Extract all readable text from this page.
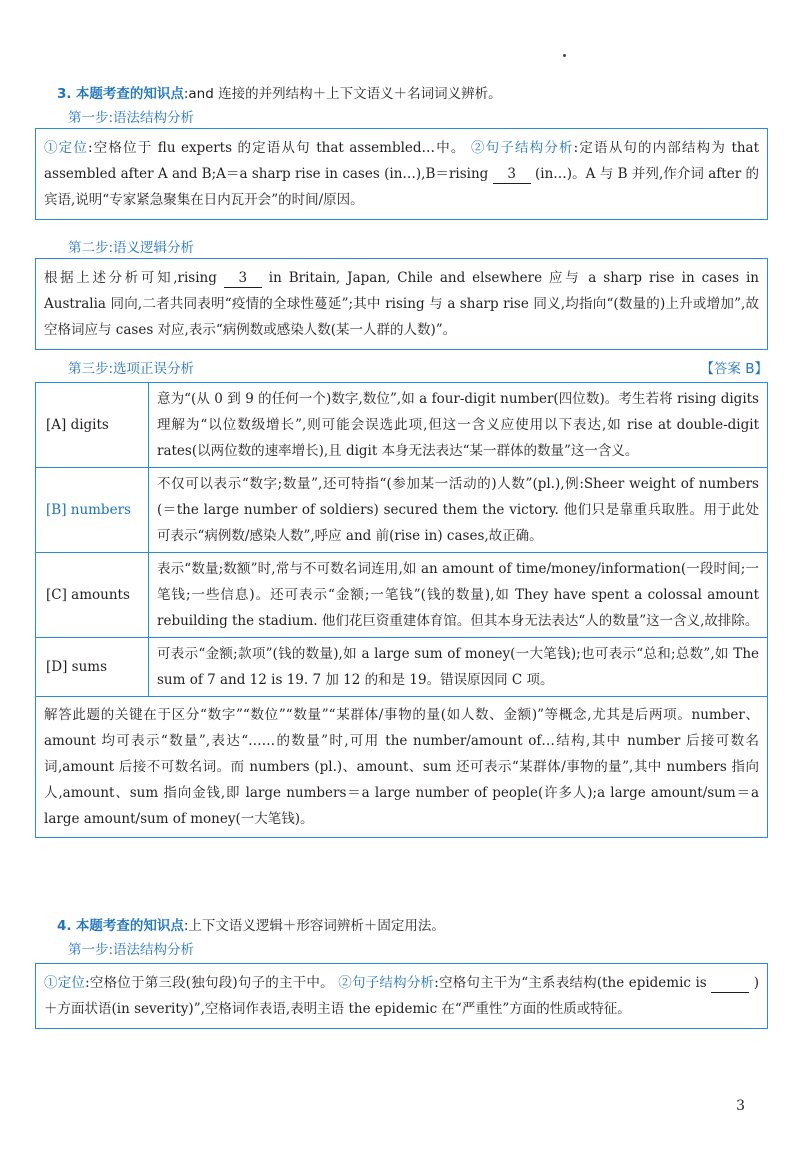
3. 本题考查的知识点:and 连接的并列结构＋上下文语义＋名词词义辨析。
第一步:语法结构分析
①定位:空格位于 flu experts 的定语从句 that assembled…中。 ②句子结构分析:定语从句的内部结构为 that assembled after A and B;A＝a sharp rise in cases (in…),B＝rising 3 (in…)。A 与 B 并列,作介词 after 的宾语,说明“专家紧急聚集在日内瓦开会”的时间/原因。
第二步:语义逻辑分析
根据上述分析可知,rising 3 in Britain, Japan, Chile and elsewhere 应与 a sharp rise in cases in Australia 同向,二者共同表明“疫情的全球性蔓延”;其中 rising 与 a sharp rise 同义,均指向“(数量的)上升或增加”,故空格词应与 cases 对应,表示“病例数或感染人数(某一人群的人数)”。
第三步:选项正误分析	【答案 B】
[A] digits	意为“(从 0 到 9 的任何一个)数字,数位”,如 a four-digit number(四位数)。考生若将 rising digits 理解为“以位数级增长”,则可能会误选此项,但这一含义应使用以下表达,如 rise at double-digit rates(以两位数的速率增长),且 digit 本身无法表达“某一群体的数量”这一含义。
[B] numbers	不仅可以表示“数字;数量”,还可特指“(参加某一活动的)人数”(pl.),例:Sheer weight of numbers (＝the large number of soldiers) secured them the victory. 他们只是靠重兵取胜。用于此处可表示“病例数/感染人数”,呼应 and 前(rise in) cases,故正确。
[C] amounts	表示“数量;数额”时,常与不可数名词连用,如 an amount of time/money/information(一段时间;一笔钱;一些信息)。还可表示“金额;一笔钱”(钱的数量),如 They have spent a colossal amount rebuilding the stadium. 他们花巨资重建体育馆。但其本身无法表达“人的数量”这一含义,故排除。
[D] sums	可表示“金额;款项”(钱的数量),如 a large sum of money(一大笔钱);也可表示“总和;总数”,如 The sum of 7 and 12 is 19. 7 加 12 的和是 19。错误原因同 C 项。
解答此题的关键在于区分“数字”“数位”“数量”“某群体/事物的量(如人数、金额)”等概念,尤其是后两项。number、amount 均可表示“数量”,表达“……的数量”时,可用 the number/amount of…结构,其中 number 后接可数名词,amount 后接不可数名词。而 numbers (pl.)、amount、sum 还可表示“某群体/事物的量”,其中 numbers 指向人,amount、sum 指向金钱,即 large numbers＝a large number of people(许多人);a large amount/sum＝a large amount/sum of money(一大笔钱)。	
4. 本题考查的知识点:上下文语义逻辑＋形容词辨析＋固定用法。
第一步:语法结构分析
①定位:空格位于第三段(独句段)句子的主干中。 ②句子结构分析:空格句主干为“主系表结构(the epidemic is	)＋方面状语(in severity)”,空格词作表语,表明主语 the epidemic 在“严重性”方面的性质或特征。
3
